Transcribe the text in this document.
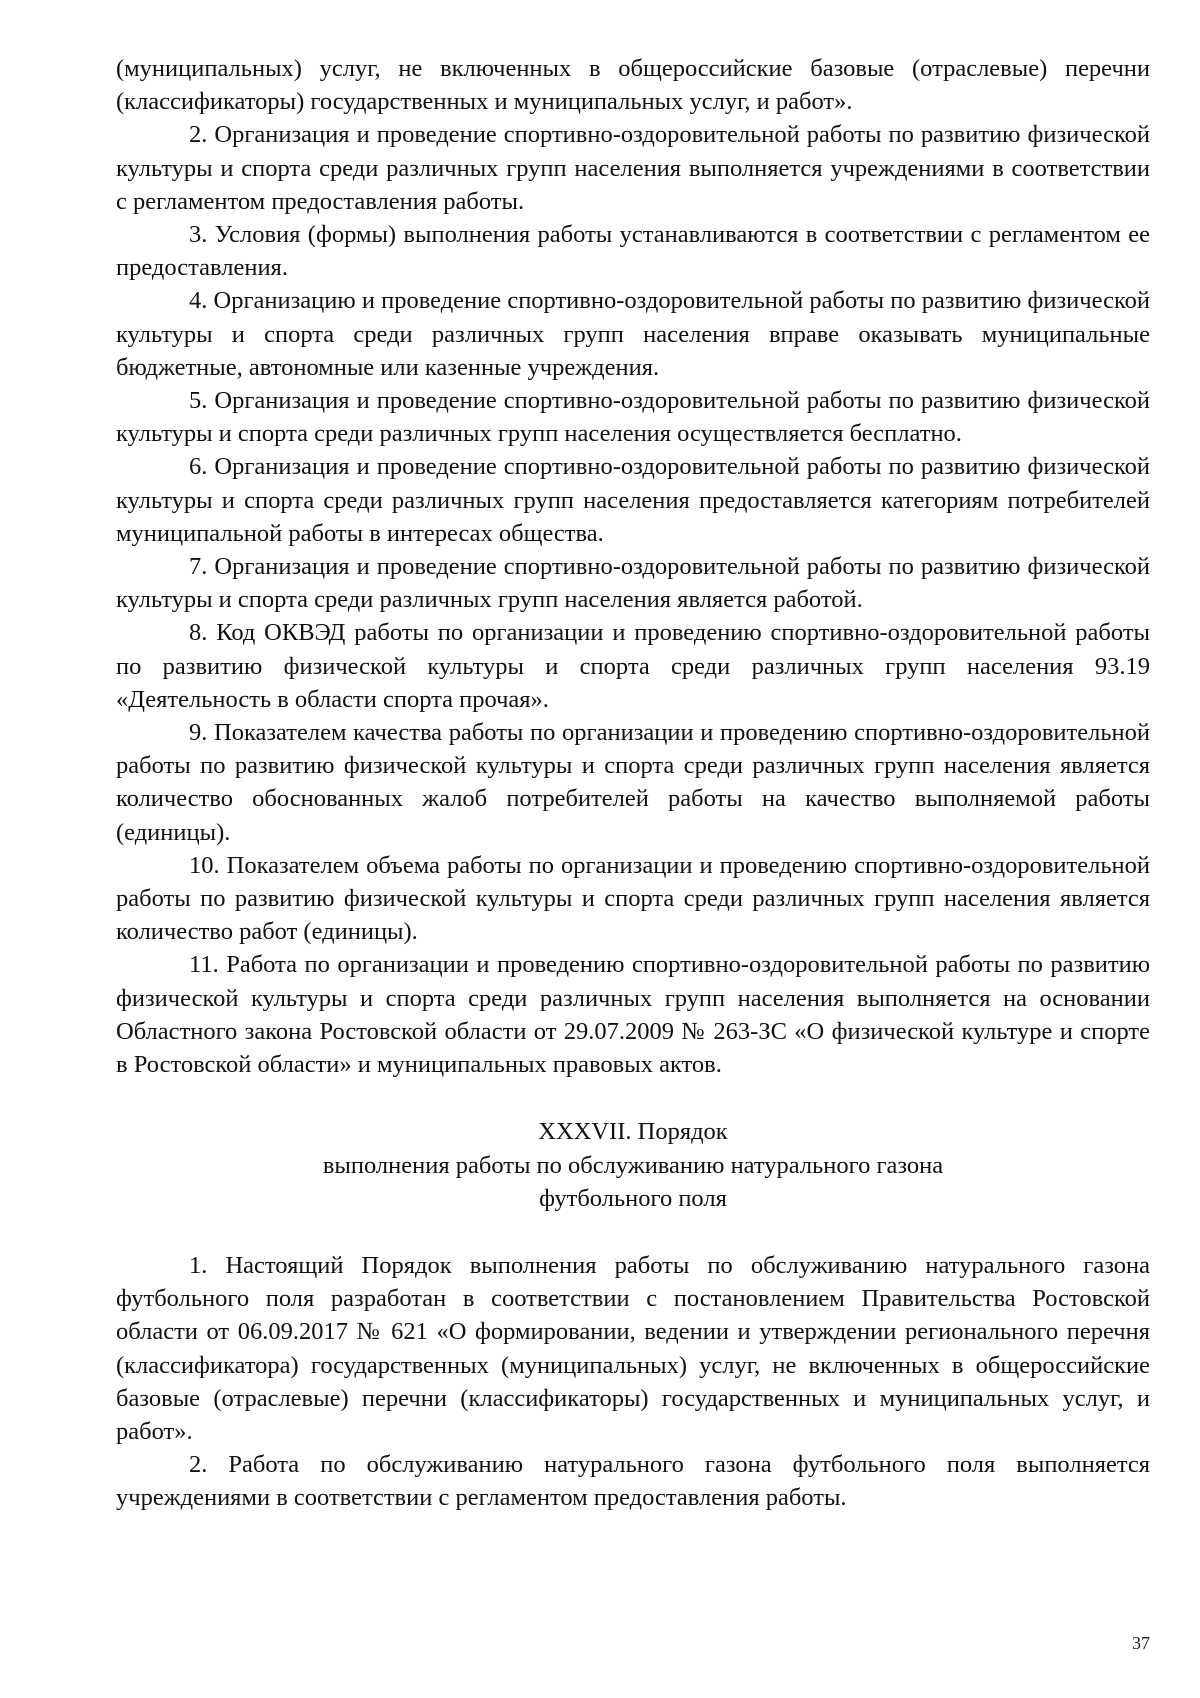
(муниципальных) услуг, не включенных в общероссийские базовые (отраслевые) перечни (классификаторы) государственных и муниципальных услуг, и работ».

2. Организация и проведение спортивно-оздоровительной работы по развитию физической культуры и спорта среди различных групп населения выполняется учреждениями в соответствии с регламентом предоставления работы.

3. Условия (формы) выполнения работы устанавливаются в соответствии с регламентом ее предоставления.

4. Организацию и проведение спортивно-оздоровительной работы по развитию физической культуры и спорта среди различных групп населения вправе оказывать муниципальные бюджетные, автономные или казенные учреждения.

5. Организация и проведение спортивно-оздоровительной работы по развитию физической культуры и спорта среди различных групп населения осуществляется бесплатно.

6. Организация и проведение спортивно-оздоровительной работы по развитию физической культуры и спорта среди различных групп населения предоставляется категориям потребителей муниципальной работы в интересах общества.

7. Организация и проведение спортивно-оздоровительной работы по развитию физической культуры и спорта среди различных групп населения является работой.

8. Код ОКВЭД работы по организации и проведению спортивно-оздоровительной работы по развитию физической культуры и спорта среди различных групп населения 93.19 «Деятельность в области спорта прочая».

9. Показателем качества работы по организации и проведению спортивно-оздоровительной работы по развитию физической культуры и спорта среди различных групп населения является количество обоснованных жалоб потребителей работы на качество выполняемой работы (единицы).

10. Показателем объема работы по организации и проведению спортивно-оздоровительной работы по развитию физической культуры и спорта среди различных групп населения является количество работ (единицы).

11. Работа по организации и проведению спортивно-оздоровительной работы по развитию физической культуры и спорта среди различных групп населения выполняется на основании Областного закона Ростовской области от 29.07.2009 № 263-ЗС «О физической культуре и спорте в Ростовской области» и муниципальных правовых актов.

XXXVII. Порядок
выполнения работы по обслуживанию натурального газона
футбольного поля

1. Настоящий Порядок выполнения работы по обслуживанию натурального газона футбольного поля разработан в соответствии с постановлением Правительства Ростовской области от 06.09.2017 № 621 «О формировании, ведении и утверждении регионального перечня (классификатора) государственных (муниципальных) услуг, не включенных в общероссийские базовые (отраслевые) перечни (классификаторы) государственных и муниципальных услуг, и работ».

2. Работа по обслуживанию натурального газона футбольного поля выполняется учреждениями в соответствии с регламентом предоставления работы.

37
